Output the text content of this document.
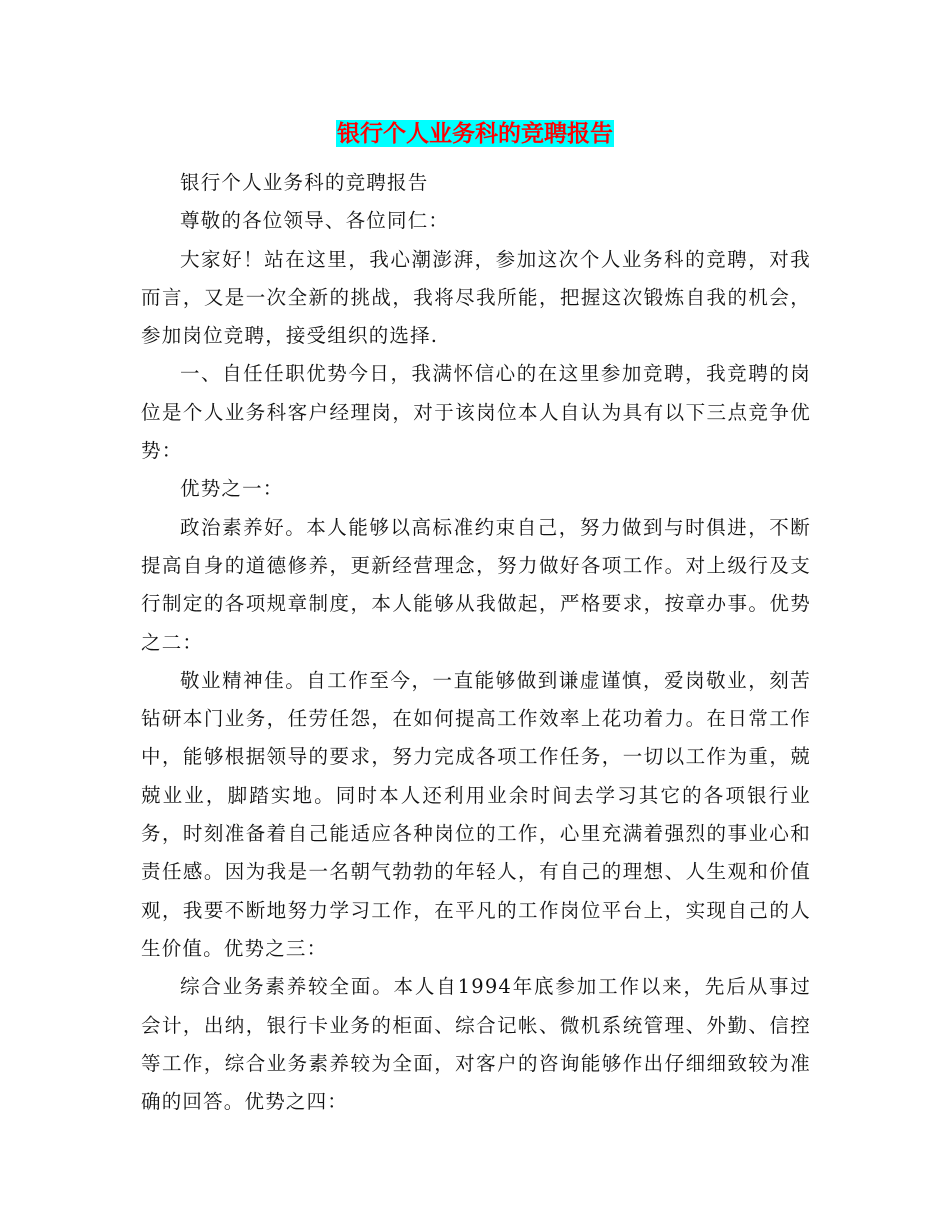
银行个人业务科的竞聘报告

银行个人业务科的竞聘报告

尊敬的各位领导、各位同仁：

大家好！站在这里，我心潮澎湃，参加这次个人业务科的竞聘，对我而言，又是一次全新的挑战，我将尽我所能，把握这次锻炼自我的机会，参加岗位竞聘，接受组织的选择.

一、自任任职优势今日，我满怀信心的在这里参加竞聘，我竞聘的岗位是个人业务科客户经理岗，对于该岗位本人自认为具有以下三点竞争优势：

优势之一：

政治素养好。本人能够以高标准约束自己，努力做到与时俱进，不断提高自身的道德修养，更新经营理念，努力做好各项工作。对上级行及支行制定的各项规章制度，本人能够从我做起，严格要求，按章办事。优势之二：

敬业精神佳。自工作至今，一直能够做到谦虚谨慎，爱岗敬业，刻苦钻研本门业务，任劳任怨，在如何提高工作效率上花功着力。在日常工作中，能够根据领导的要求，努力完成各项工作任务，一切以工作为重，兢兢业业，脚踏实地。同时本人还利用业余时间去学习其它的各项银行业务，时刻准备着自己能适应各种岗位的工作，心里充满着强烈的事业心和责任感。因为我是一名朝气勃勃的年轻人，有自己的理想、人生观和价值观，我要不断地努力学习工作，在平凡的工作岗位平台上，实现自己的人生价值。优势之三：

综合业务素养较全面。本人自1994年底参加工作以来，先后从事过会计，出纳，银行卡业务的柜面、综合记帐、微机系统管理、外勤、信控等工作，综合业务素养较为全面，对客户的咨询能够作出仔细细致较为准确的回答。优势之四：
